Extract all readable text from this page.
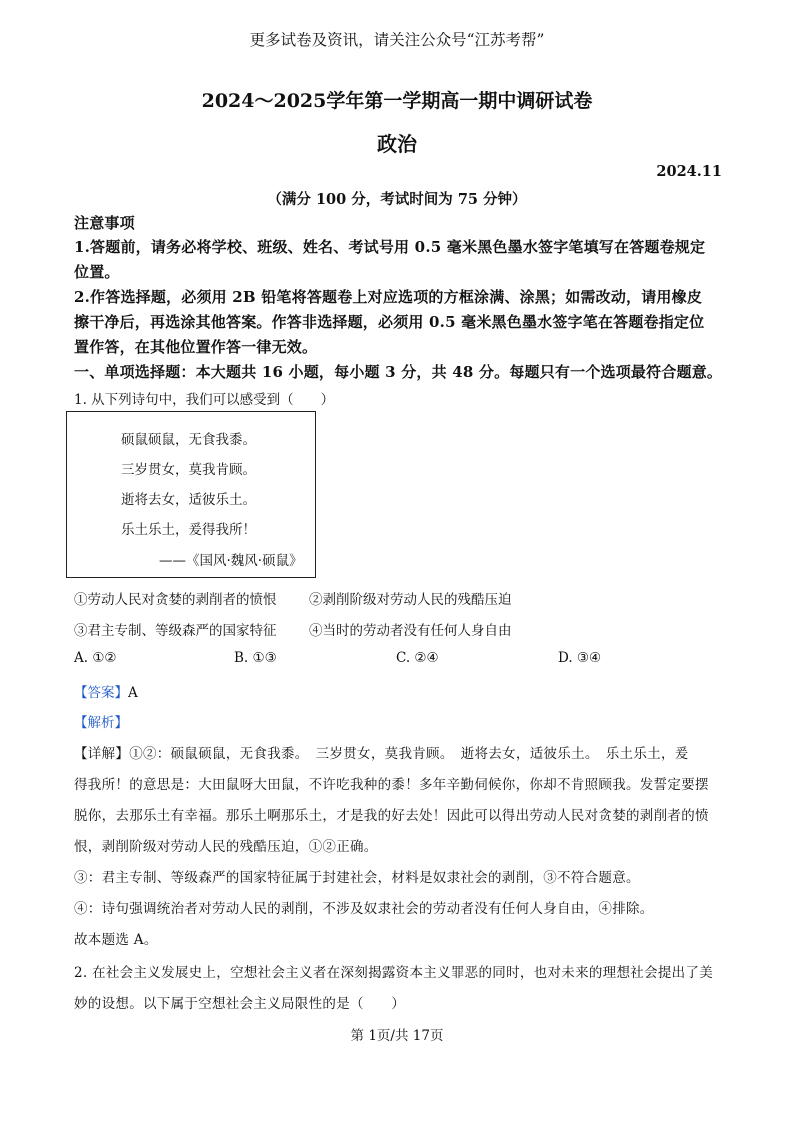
更多试卷及资讯，请关注公众号“江苏考帮”
2024～2025学年第一学期高一期中调研试卷
政治
2024.11
（满分 100 分，考试时间为 75 分钟）
注意事项
1.答题前，请务必将学校、班级、姓名、考试号用 0.5 毫米黑色墨水签字笔填写在答题卷规定
位置。
2.作答选择题，必须用 2B 铅笔将答题卷上对应选项的方框涂满、涂黑；如需改动，请用橡皮
擦干净后，再选涂其他答案。作答非选择题，必须用 0.5 毫米黑色墨水签字笔在答题卷指定位
置作答，在其他位置作答一律无效。
一、单项选择题：本大题共 16 小题，每小题 3 分，共 48 分。每题只有一个选项最符合题意。
1. 从下列诗句中，我们可以感受到（　　）
硕鼠硕鼠，无食我黍。
三岁贯女，莫我肯顾。
逝将去女，适彼乐土。
乐土乐土，爰得我所！
——《国风·魏风·硕鼠》
①劳动人民对贪婪的剥削者的愤恨 ②剥削阶级对劳动人民的残酷压迫
③君主专制、等级森严的国家特征 ④当时的劳动者没有任何人身自由
A. ①②	B. ①③	C. ②④	D. ③④
【答案】A
【解析】
【详解】①②：硕鼠硕鼠，无食我黍。　三岁贯女，莫我肯顾。　逝将去女，适彼乐土。　乐土乐土，爰
得我所！的意思是：大田鼠呀大田鼠，不许吃我种的黍！多年辛勤伺候你，你却不肯照顾我。发誓定要摆
脱你，去那乐土有幸福。那乐土啊那乐土，才是我的好去处！因此可以得出劳动人民对贪婪的剥削者的愤
恨，剥削阶级对劳动人民的残酷压迫，①②正确。
③：君主专制、等级森严的国家特征属于封建社会，材料是奴隶社会的剥削，③不符合题意。
④：诗句强调统治者对劳动人民的剥削，不涉及奴隶社会的劳动者没有任何人身自由，④排除。
故本题选 A。
2. 在社会主义发展史上，空想社会主义者在深刻揭露资本主义罪恶的同时，也对未来的理想社会提出了美
妙的设想。以下属于空想社会主义局限性的是（　　）
第 1页/共 17页
